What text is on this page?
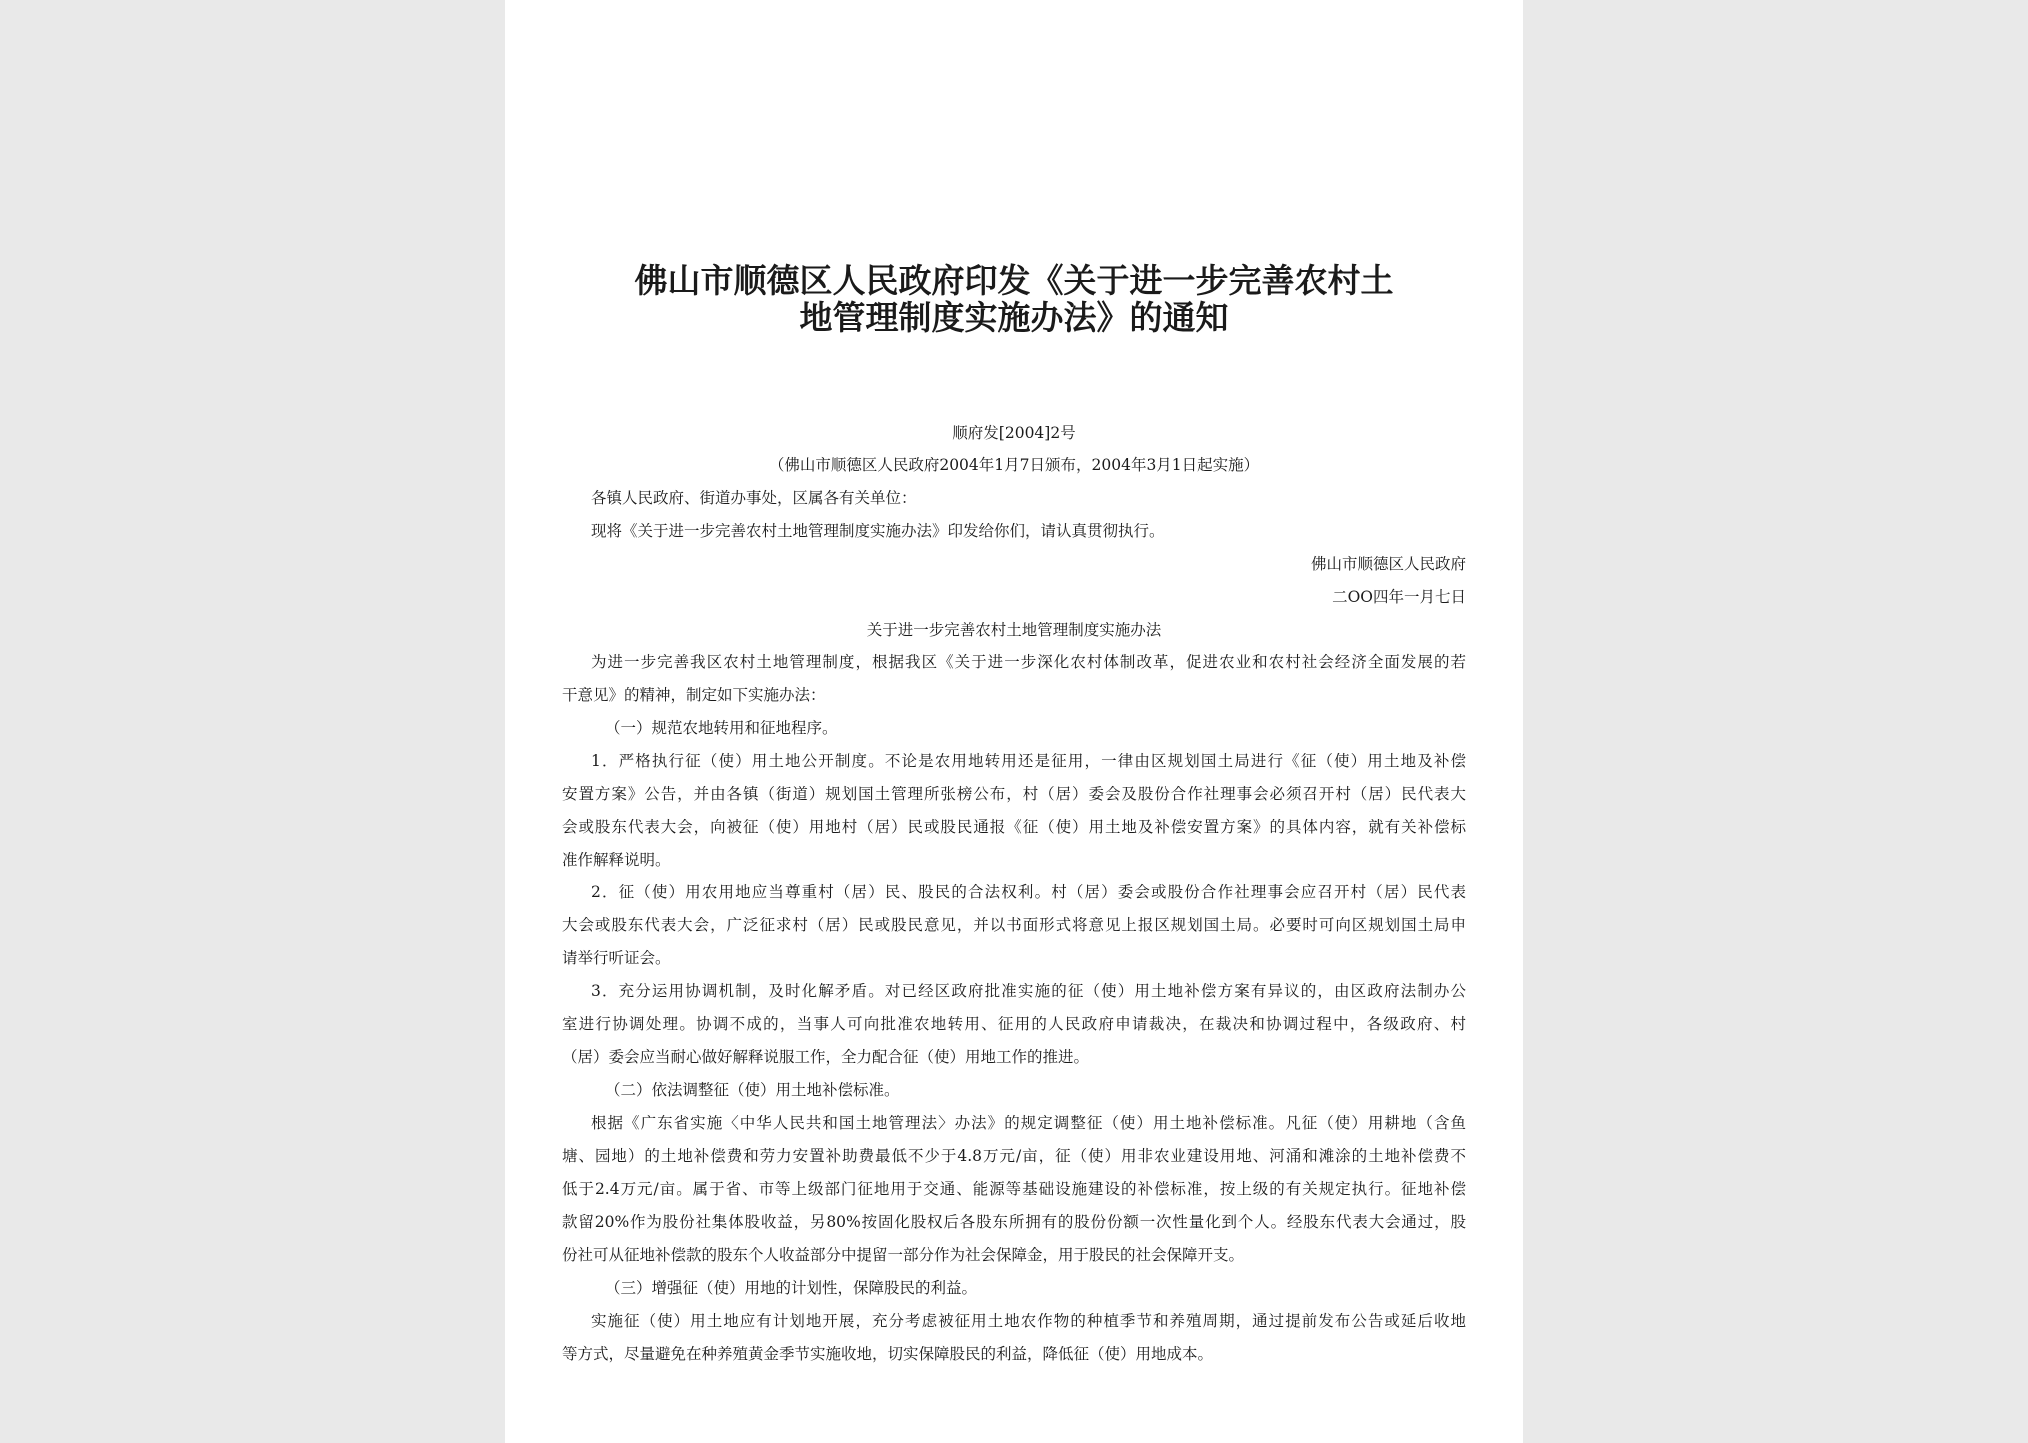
佛山市顺德区人民政府印发《关于进一步完善农村土
地管理制度实施办法》的通知

顺府发[2004]2号

（佛山市顺德区人民政府2004年1月7日颁布，2004年3月1日起实施）

各镇人民政府、街道办事处，区属各有关单位：

现将《关于进一步完善农村土地管理制度实施办法》印发给你们，请认真贯彻执行。

佛山市顺德区人民政府

二OO四年一月七日

关于进一步完善农村土地管理制度实施办法

为进一步完善我区农村土地管理制度，根据我区《关于进一步深化农村体制改革，促进农业和农村社会经济全面发展的若

干意见》的精神，制定如下实施办法：

（一）规范农地转用和征地程序。

1．严格执行征（使）用土地公开制度。不论是农用地转用还是征用，一律由区规划国土局进行《征（使）用土地及补偿

安置方案》公告，并由各镇（街道）规划国土管理所张榜公布，村（居）委会及股份合作社理事会必须召开村（居）民代表大

会或股东代表大会，向被征（使）用地村（居）民或股民通报《征（使）用土地及补偿安置方案》的具体内容，就有关补偿标

准作解释说明。

2．征（使）用农用地应当尊重村（居）民、股民的合法权利。村（居）委会或股份合作社理事会应召开村（居）民代表

大会或股东代表大会，广泛征求村（居）民或股民意见，并以书面形式将意见上报区规划国土局。必要时可向区规划国土局申

请举行听证会。

3．充分运用协调机制，及时化解矛盾。对已经区政府批准实施的征（使）用土地补偿方案有异议的，由区政府法制办公

室进行协调处理。协调不成的，当事人可向批准农地转用、征用的人民政府申请裁决，在裁决和协调过程中，各级政府、村

（居）委会应当耐心做好解释说服工作，全力配合征（使）用地工作的推进。

（二）依法调整征（使）用土地补偿标准。

根据《广东省实施〈中华人民共和国土地管理法〉办法》的规定调整征（使）用土地补偿标准。凡征（使）用耕地（含鱼

塘、园地）的土地补偿费和劳力安置补助费最低不少于4.8万元/亩，征（使）用非农业建设用地、河涌和滩涂的土地补偿费不

低于2.4万元/亩。属于省、市等上级部门征地用于交通、能源等基础设施建设的补偿标准，按上级的有关规定执行。征地补偿

款留20%作为股份社集体股收益，另80%按固化股权后各股东所拥有的股份份额一次性量化到个人。经股东代表大会通过，股

份社可从征地补偿款的股东个人收益部分中提留一部分作为社会保障金，用于股民的社会保障开支。

（三）增强征（使）用地的计划性，保障股民的利益。

实施征（使）用土地应有计划地开展，充分考虑被征用土地农作物的种植季节和养殖周期，通过提前发布公告或延后收地

等方式，尽量避免在种养殖黄金季节实施收地，切实保障股民的利益，降低征（使）用地成本。
